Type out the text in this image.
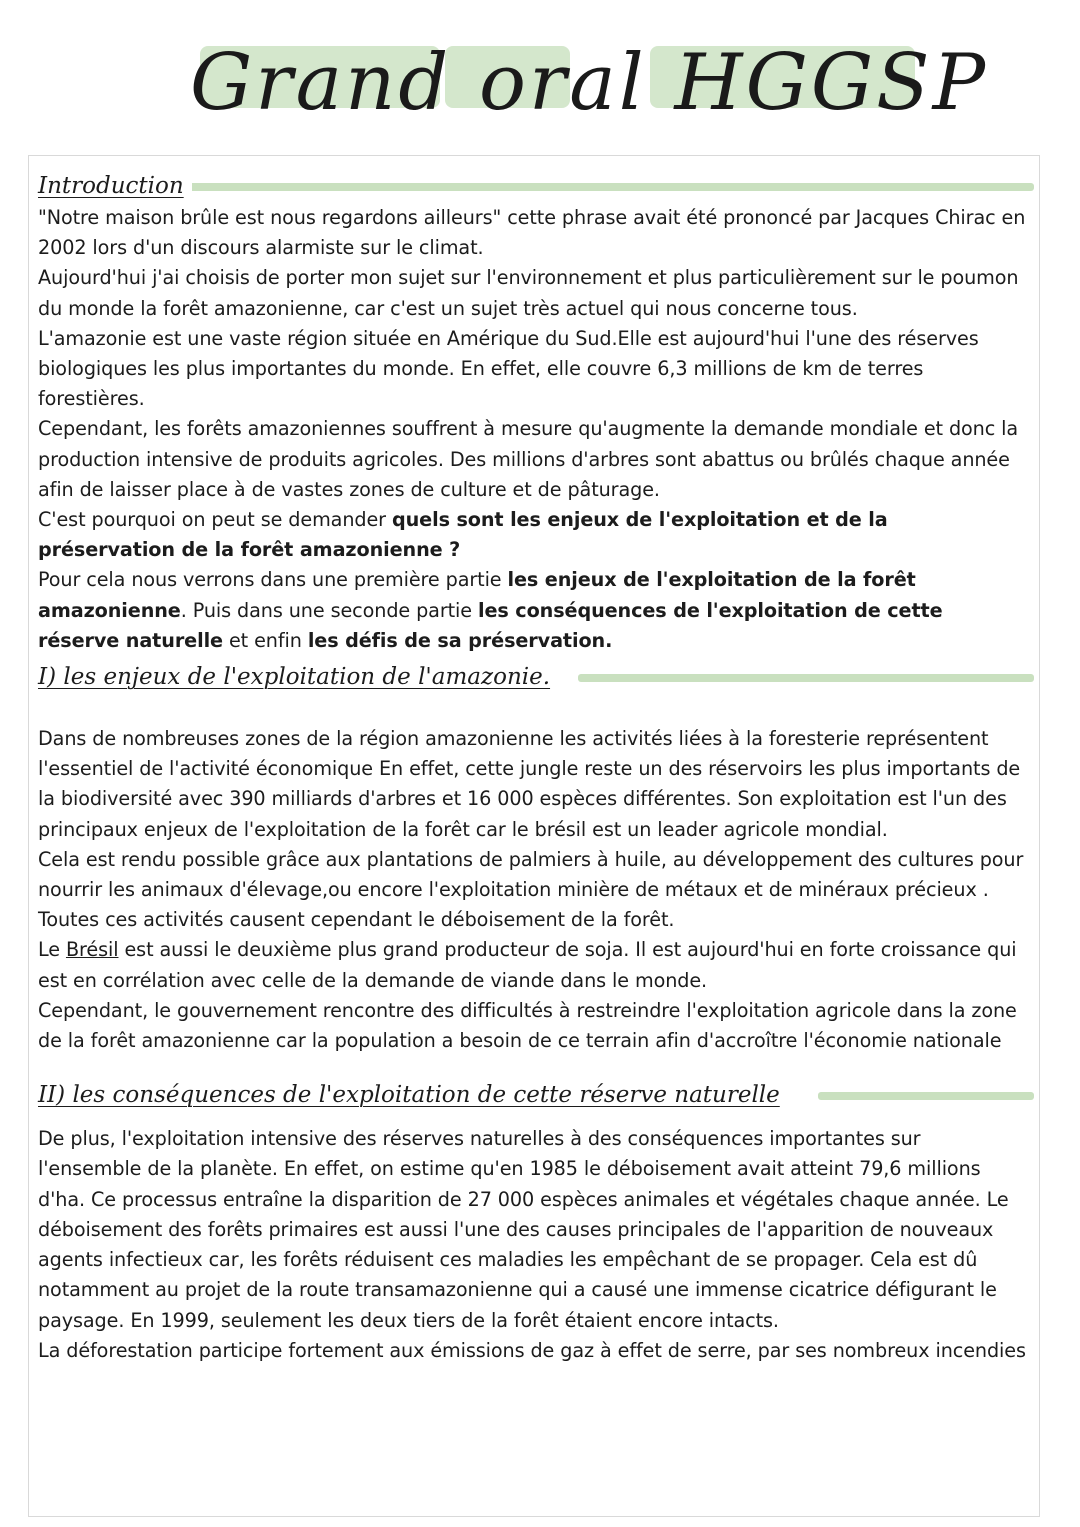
Grand oral HGGSP
Introduction

"Notre maison brûle est nous regardons ailleurs" cette phrase avait été prononcé par Jacques Chirac en 2002 lors d'un discours alarmiste sur le climat.

Aujourd'hui j'ai choisis de porter mon sujet sur l'environnement et plus particulièrement sur le poumon du monde la forêt amazonienne, car c'est un sujet très actuel qui nous concerne tous.

L'amazonie est une vaste région située en Amérique du Sud.Elle est aujourd'hui l'une des réserves biologiques les plus importantes du monde. En effet, elle couvre 6,3 millions de km de terres forestières.

Cependant, les forêts amazoniennes souffrent à mesure qu'augmente la demande mondiale et donc la production intensive de produits agricoles. Des millions d'arbres sont abattus ou brûlés chaque année afin de laisser place à de vastes zones de culture et de pâturage.

C'est pourquoi on peut se demander quels sont les enjeux de l'exploitation et de la préservation de la forêt amazonienne ?

Pour cela nous verrons dans une première partie les enjeux de l'exploitation de la forêt amazonienne. Puis dans une seconde partie les conséquences de l'exploitation de cette réserve naturelle et enfin les défis de sa préservation.

I) les enjeux de l'exploitation de l'amazonie.

Dans de nombreuses zones de la région amazonienne les activités liées à la foresterie représentent l'essentiel de l'activité économique En effet, cette jungle reste un des réservoirs les plus importants de la biodiversité avec 390 milliards d'arbres et 16 000 espèces différentes. Son exploitation est l'un des principaux enjeux de l'exploitation de la forêt car le brésil est un leader agricole mondial.

Cela est rendu possible grâce aux plantations de palmiers à huile, au développement des cultures pour nourrir les animaux d'élevage,ou encore l'exploitation minière de métaux et de minéraux précieux . Toutes ces activités causent cependant le déboisement de la forêt.

Le Brésil est aussi le deuxième plus grand producteur de soja. Il est aujourd'hui en forte croissance qui est en corrélation avec celle de la demande de viande dans le monde.

Cependant, le gouvernement rencontre des difficultés à restreindre l'exploitation agricole dans la zone de la forêt amazonienne car la population a besoin de ce terrain afin d'accroître l'économie nationale

II) les conséquences de l'exploitation de cette réserve naturelle

De plus, l'exploitation intensive des réserves naturelles à des conséquences importantes sur l'ensemble de la planète. En effet, on estime qu'en 1985 le déboisement avait atteint 79,6 millions d'ha. Ce processus entraîne la disparition de 27 000 espèces animales et végétales chaque année. Le déboisement des forêts primaires est aussi l'une des causes principales de l'apparition de nouveaux agents infectieux car, les forêts réduisent ces maladies les empêchant de se propager. Cela est dû notamment au projet de la route transamazonienne qui a causé une immense cicatrice défigurant le paysage. En 1999, seulement les deux tiers de la forêt étaient encore intacts.

La déforestation participe fortement aux émissions de gaz à effet de serre, par ses nombreux incendies
